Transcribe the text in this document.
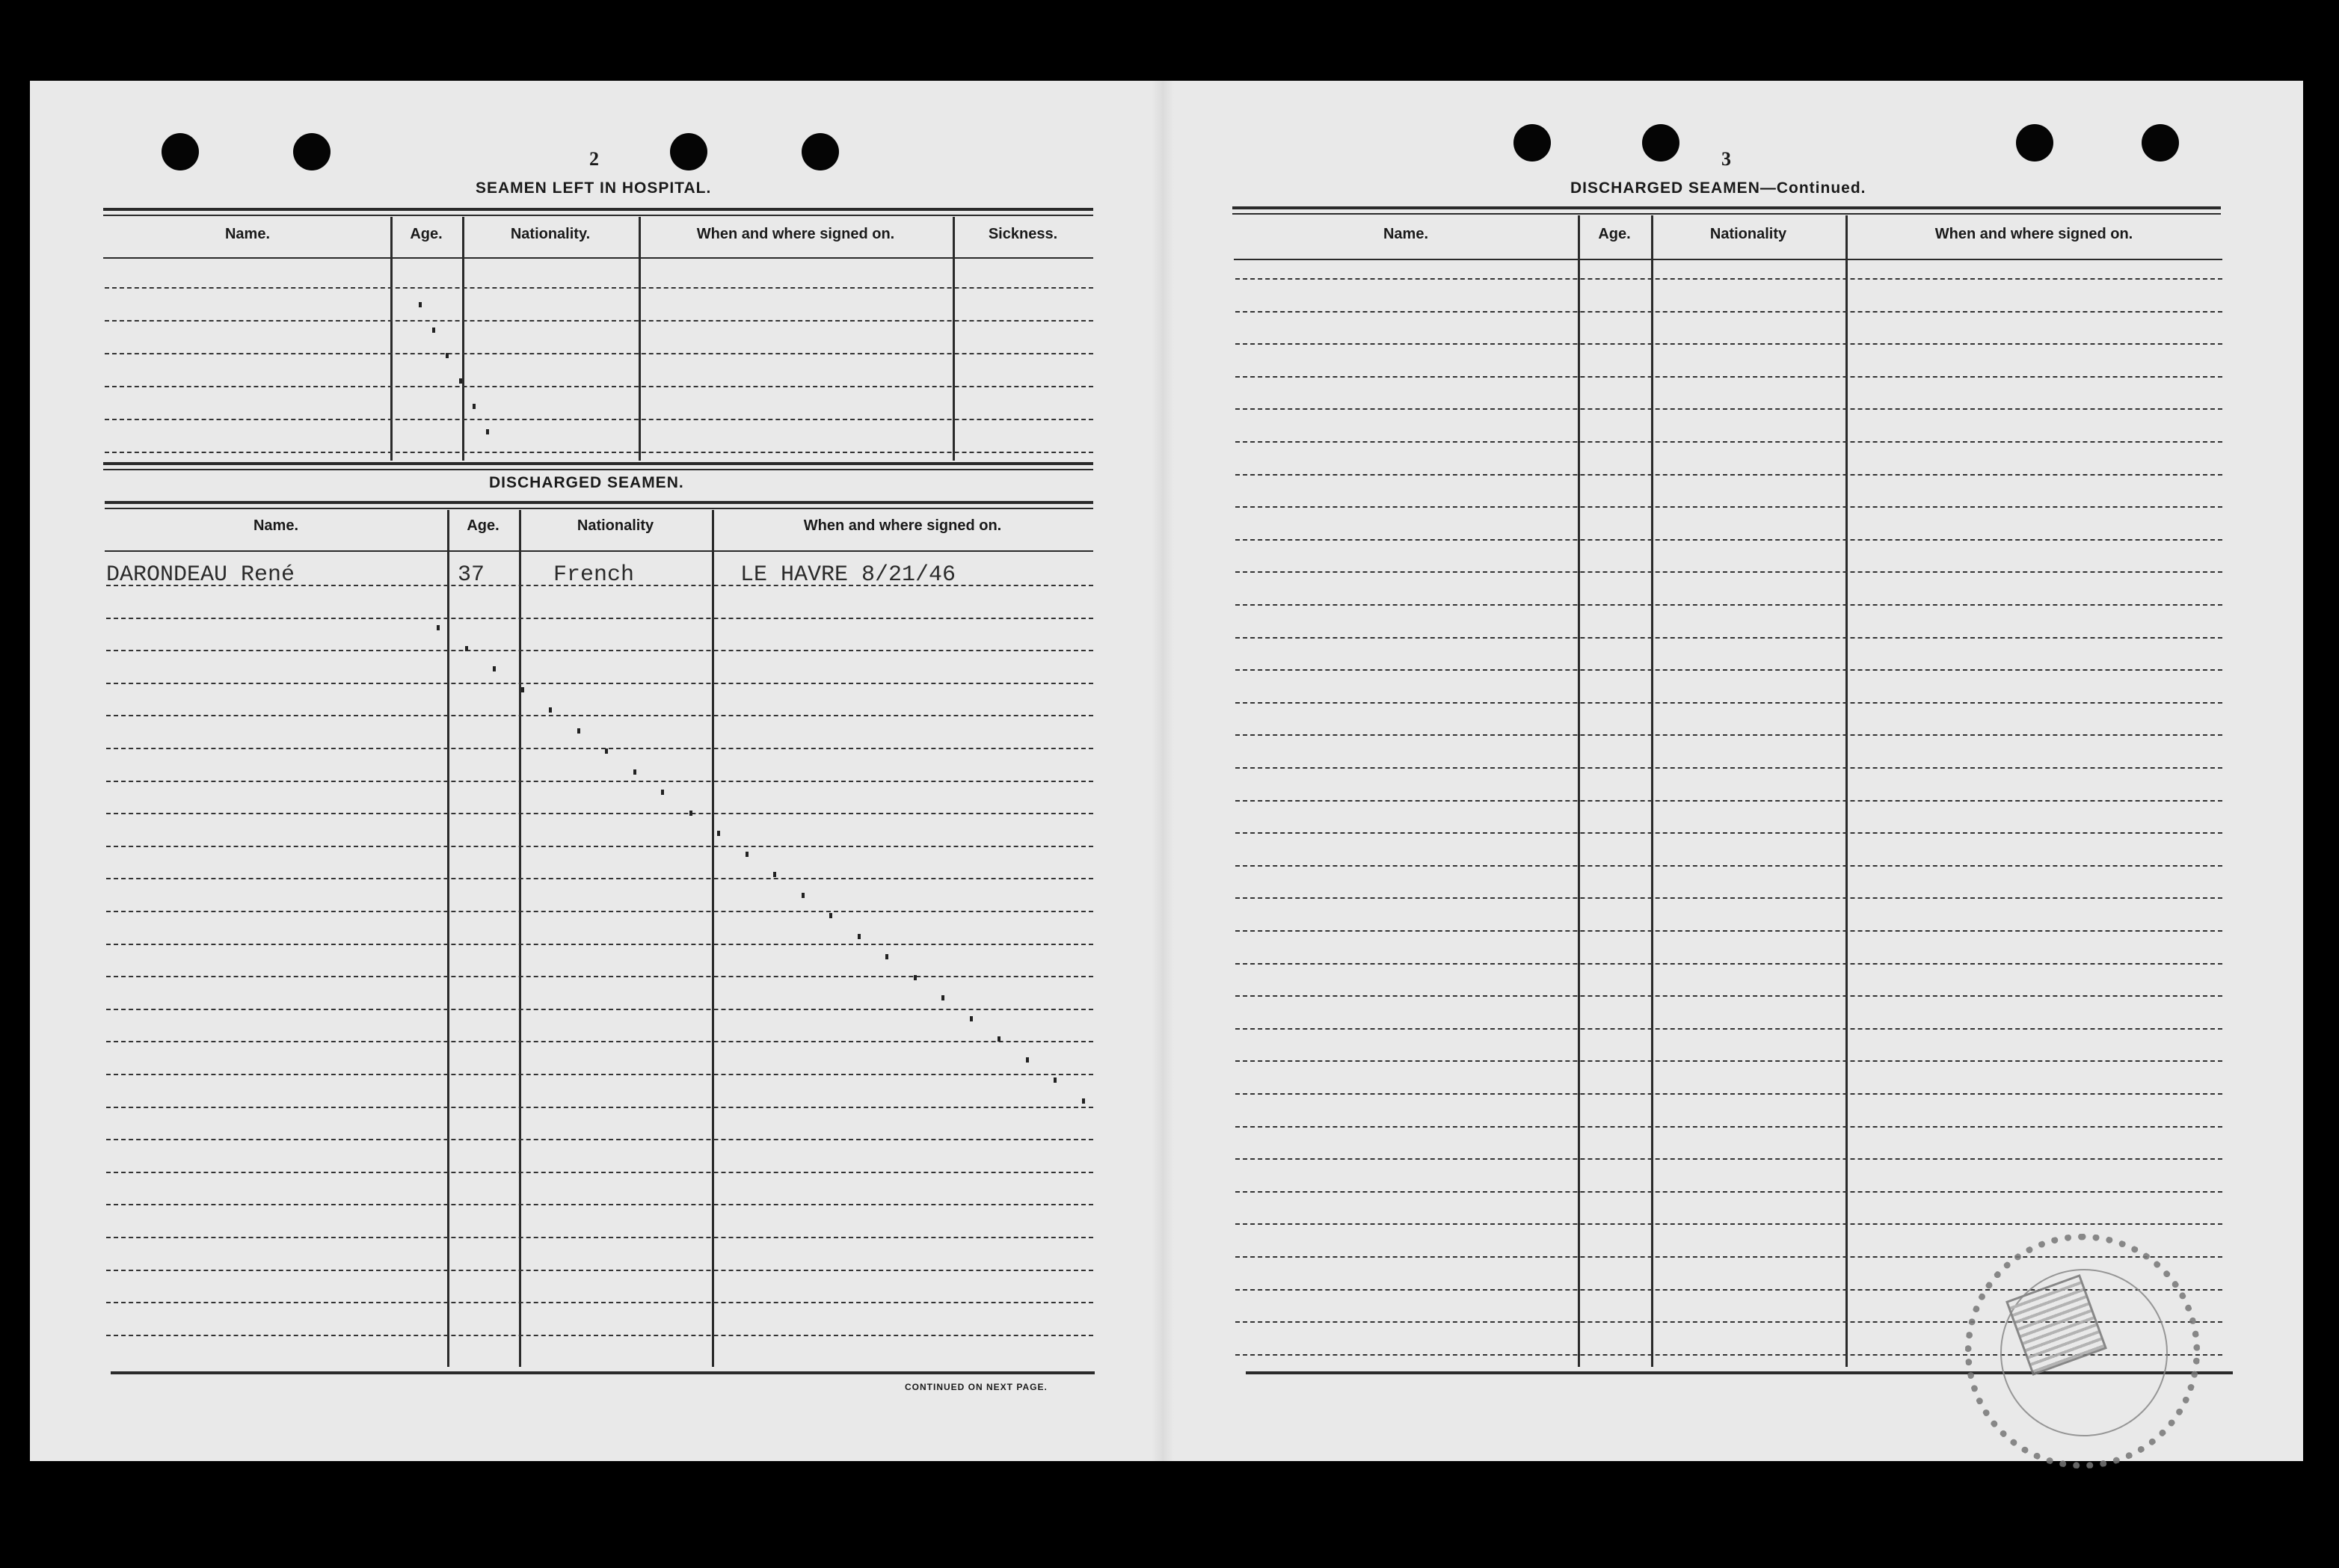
2
SEAMEN LEFT IN HOSPITAL.
Name.	Age.	Nationality.	When and where signed on.	Sickness.
DISCHARGED SEAMEN.
Name.	Age.	Nationality	When and where signed on.
DARONDEAU René	37	French	LE HAVRE 8/21/46
CONTINUED ON NEXT PAGE.
3
DISCHARGED SEAMEN—Continued.
Name.	Age.	Nationality	When and where signed on.
